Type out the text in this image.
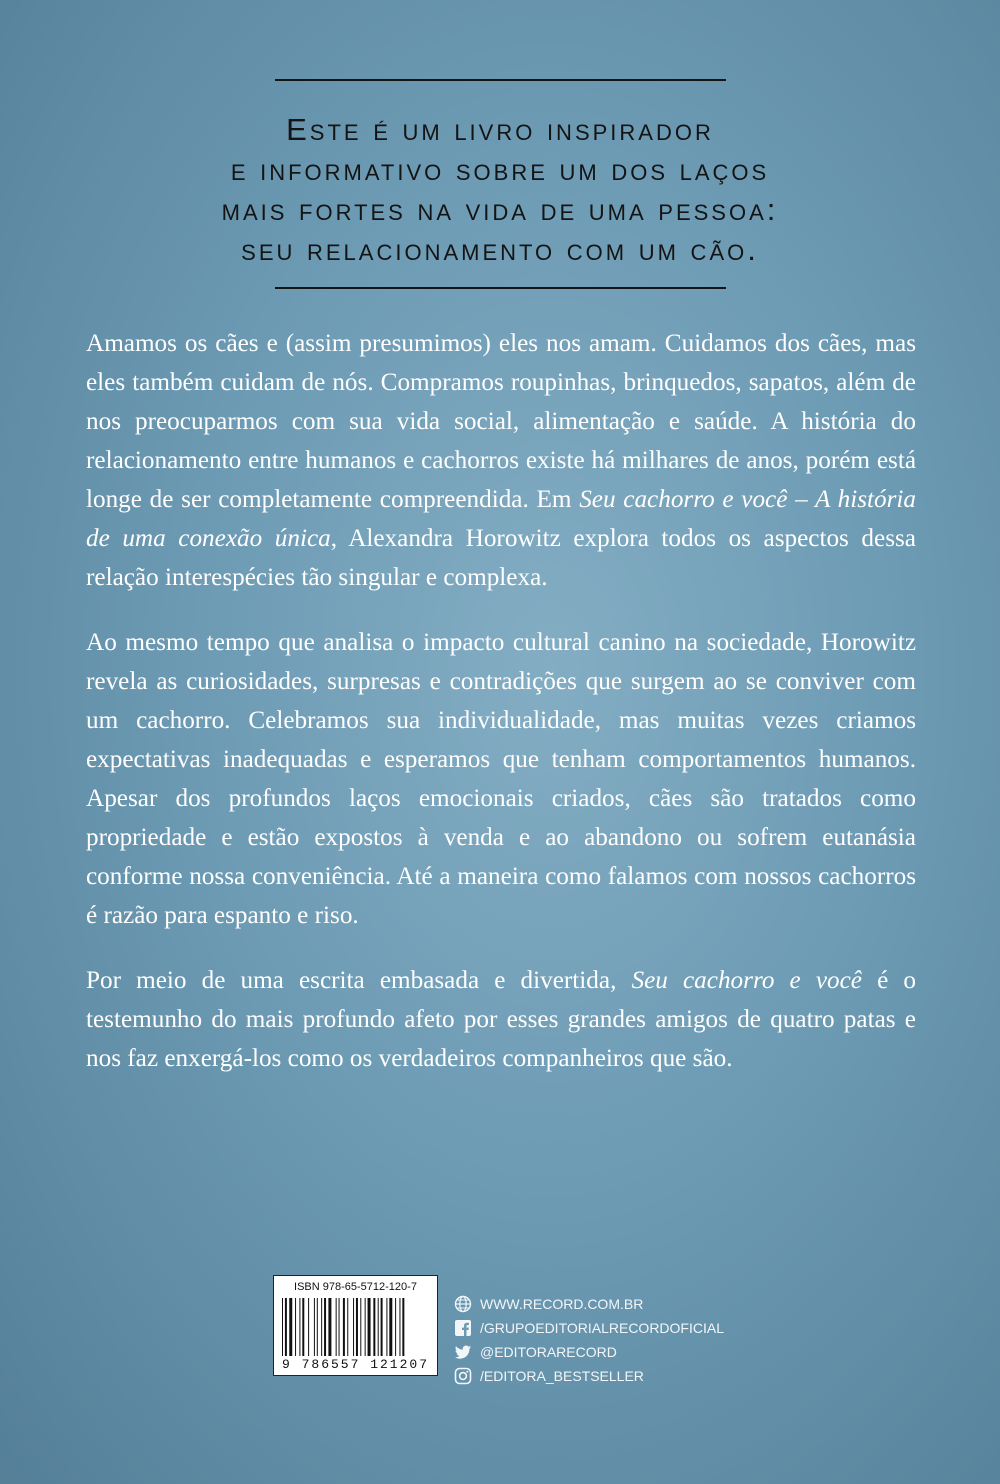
Este é um livro inspirador
e informativo sobre um dos laços
mais fortes na vida de uma pessoa:
seu relacionamento com um cão.

Amamos os cães e (assim presumimos) eles nos amam. Cuidamos dos cães, mas eles também cuidam de nós. Compramos roupinhas, brinquedos, sapatos, além de nos preocuparmos com sua vida social, alimentação e saúde. A história do relacionamento entre humanos e cachorros existe há milhares de anos, porém está longe de ser completamente compreendida. Em Seu cachorro e você – A história de uma conexão única, Alexandra Horowitz explora todos os aspectos dessa relação interespécies tão singular e complexa.

Ao mesmo tempo que analisa o impacto cultural canino na sociedade, Horowitz revela as curiosidades, surpresas e contradições que surgem ao se conviver com um cachorro. Celebramos sua individualidade, mas muitas vezes criamos expectativas inadequadas e esperamos que tenham comportamentos humanos. Apesar dos profundos laços emocionais criados, cães são tratados como propriedade e estão expostos à venda e ao abandono ou sofrem eutanásia conforme nossa conveniência. Até a maneira como falamos com nossos cachorros é razão para espanto e riso.

Por meio de uma escrita embasada e divertida, Seu cachorro e você é o testemunho do mais profundo afeto por esses grandes amigos de quatro patas e nos faz enxergá-los como os verdadeiros companheiros que são.

ISBN 978-65-5712-120-7
9 786557 121207
WWW.RECORD.COM.BR
/GRUPOEDITORIALRECORDOFICIAL
@EDITORARECORD
/EDITORA_BESTSELLER
